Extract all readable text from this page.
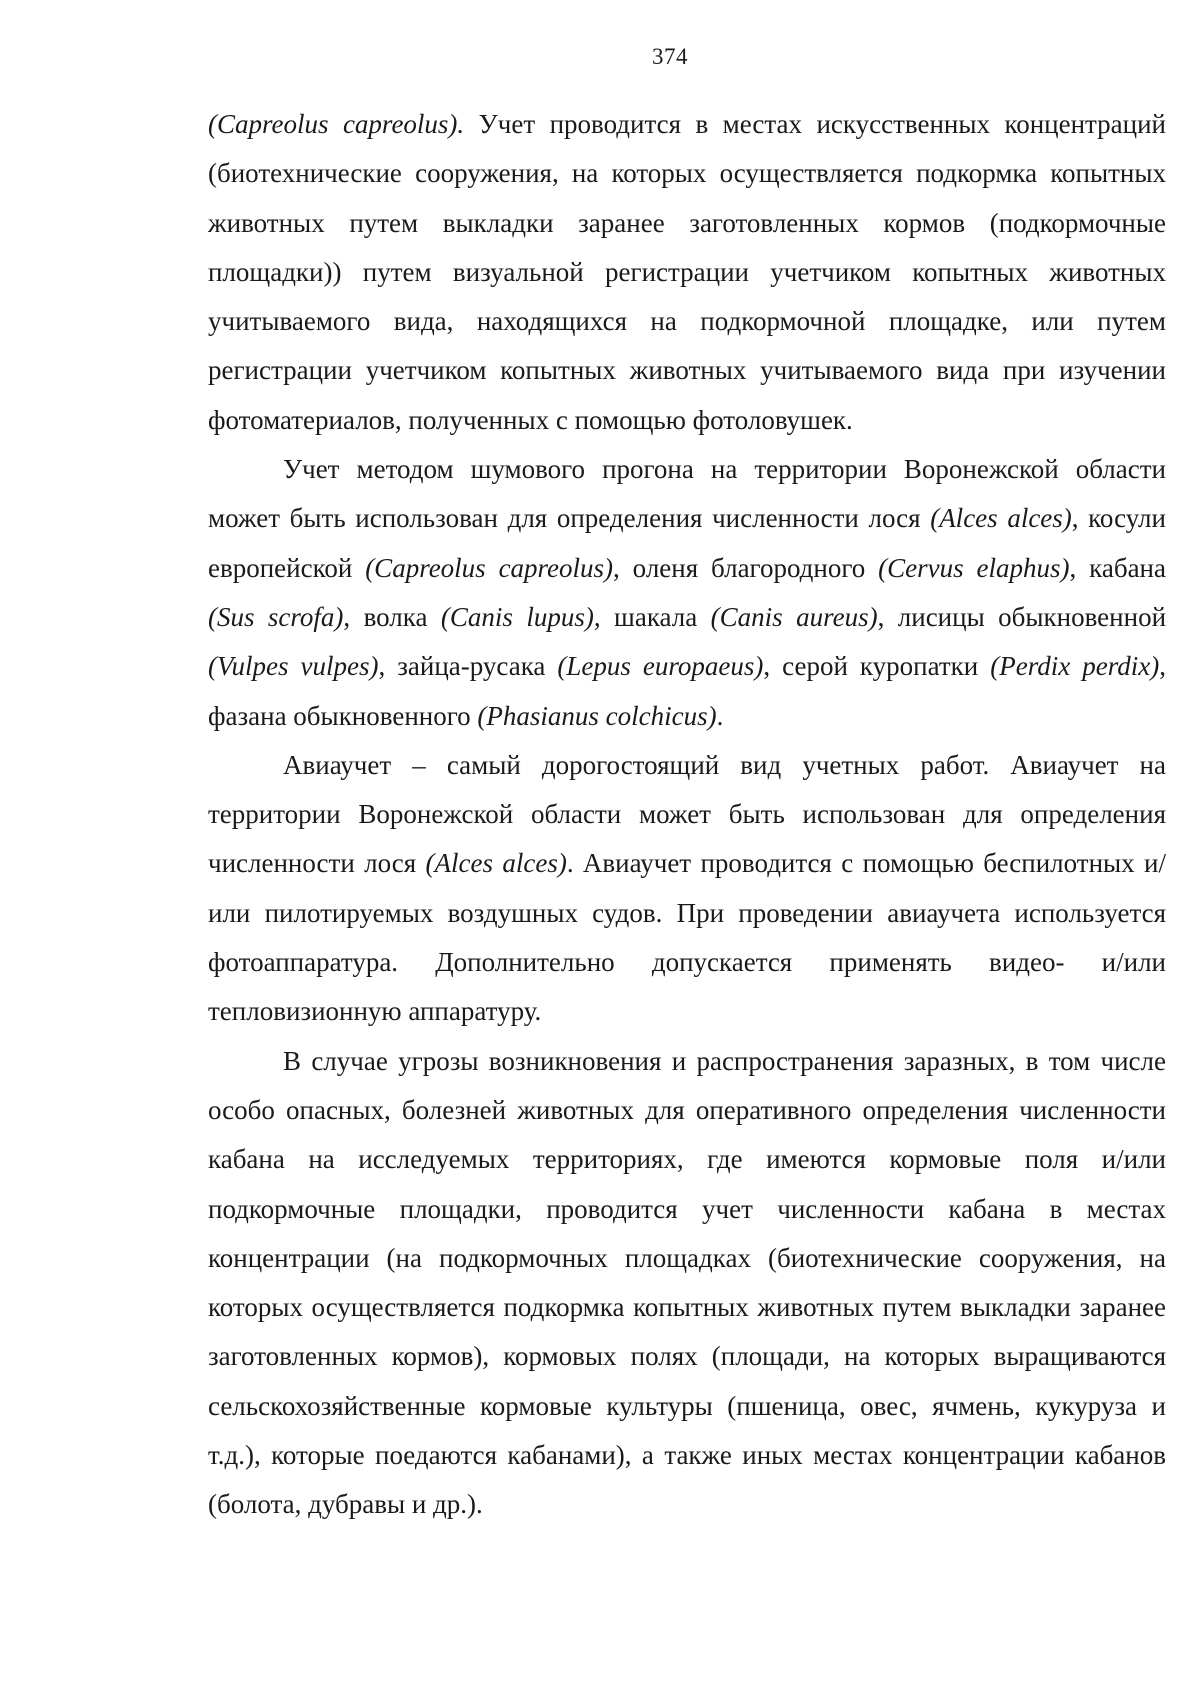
374

(Capreolus capreolus). Учет проводится в местах искусственных концентраций (биотехнические сооружения, на которых осуществляется подкормка копытных животных путем выкладки заранее заготовленных кормов (подкормочные площадки)) путем визуальной регистрации учетчиком копытных животных учитываемого вида, находящихся на подкормочной площадке, или путем регистрации учетчиком копытных животных учитываемого вида при изучении фотоматериалов, полученных с помощью фотоловушек.

Учет методом шумового прогона на территории Воронежской области может быть использован для определения численности лося (Alces alces), косули европейской (Capreolus capreolus), оленя благородного (Cervus elaphus), кабана (Sus scrofa), волка (Canis lupus), шакала (Canis aureus), лисицы обыкновенной (Vulpes vulpes), зайца-русака (Lepus europaeus), серой куропатки (Perdix perdix), фазана обыкновенного (Phasianus colchicus).

Авиаучет – самый дорогостоящий вид учетных работ. Авиаучет на территории Воронежской области может быть использован для определения численности лося (Alces alces). Авиаучет проводится с помощью беспилотных и/или пилотируемых воздушных судов. При проведении авиаучета используется фотоаппаратура. Дополнительно допускается применять видео- и/или тепловизионную аппаратуру.

В случае угрозы возникновения и распространения заразных, в том числе особо опасных, болезней животных для оперативного определения численности кабана на исследуемых территориях, где имеются кормовые поля и/или подкормочные площадки, проводится учет численности кабана в местах концентрации (на подкормочных площадках (биотехнические сооружения, на которых осуществляется подкормка копытных животных путем выкладки заранее заготовленных кормов), кормовых полях (площади, на которых выращиваются сельскохозяйственные кормовые культуры (пшеница, овес, ячмень, кукуруза и т.д.), которые поедаются кабанами), а также иных местах концентрации кабанов (болота, дубравы и др.).
